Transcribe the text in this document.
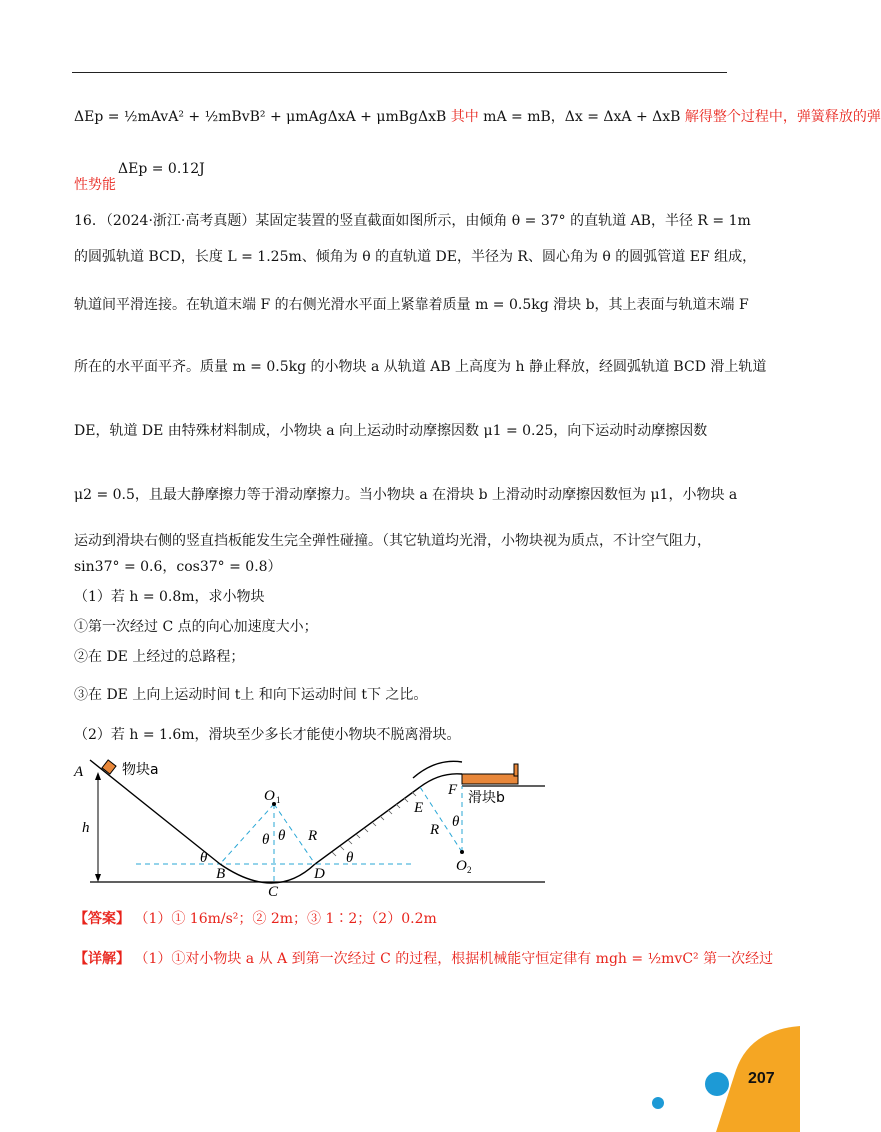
ΔEp = ½mAvA² + ½mBvB² + μmAgΔxA + μmBgΔxB 其中 mA = mB，Δx = ΔxA + ΔxB 解得整个过程中，弹簧释放的弹
ΔEp = 0.12J
性势能
16．（2024·浙江·高考真题）某固定装置的竖直截面如图所示，由倾角 θ = 37° 的直轨道 AB，半径 R = 1m
的圆弧轨道 BCD，长度 L = 1.25m、倾角为 θ 的直轨道 DE，半径为 R、圆心角为 θ 的圆弧管道 EF 组成，
轨道间平滑连接。在轨道末端 F 的右侧光滑水平面上紧靠着质量 m = 0.5kg 滑块 b，其上表面与轨道末端 F
所在的水平面平齐。质量 m = 0.5kg 的小物块 a 从轨道 AB 上高度为 h 静止释放，经圆弧轨道 BCD 滑上轨道
DE，轨道 DE 由特殊材料制成，小物块 a 向上运动时动摩擦因数 μ1 = 0.25，向下运动时动摩擦因数
μ2 = 0.5，且最大静摩擦力等于滑动摩擦力。当小物块 a 在滑块 b 上滑动时动摩擦因数恒为 μ1，小物块 a
运动到滑块右侧的竖直挡板能发生完全弹性碰撞。（其它轨道均光滑，小物块视为质点，不计空气阻力，
sin37° = 0.6，cos37° = 0.8）
（1）若 h = 0.8m，求小物块
①第一次经过 C 点的向心加速度大小；
②在 DE 上经过的总路程；
③在 DE 上向上运动时间 t上 和向下运动时间 t下 之比。
（2）若 h = 1.6m，滑块至少多长才能使小物块不脱离滑块。
A
h
物块a
O 1
θ θ R
θ
B
C
D
θ
E
F 滑块b
R θ
O 2
【答案】 （1）① 16m/s²；② 2m；③ 1∶2；（2）0.2m
【详解】 （1）①对小物块 a 从 A 到第一次经过 C 的过程，根据机械能守恒定律有 mgh = ½mvC² 第一次经过
207
